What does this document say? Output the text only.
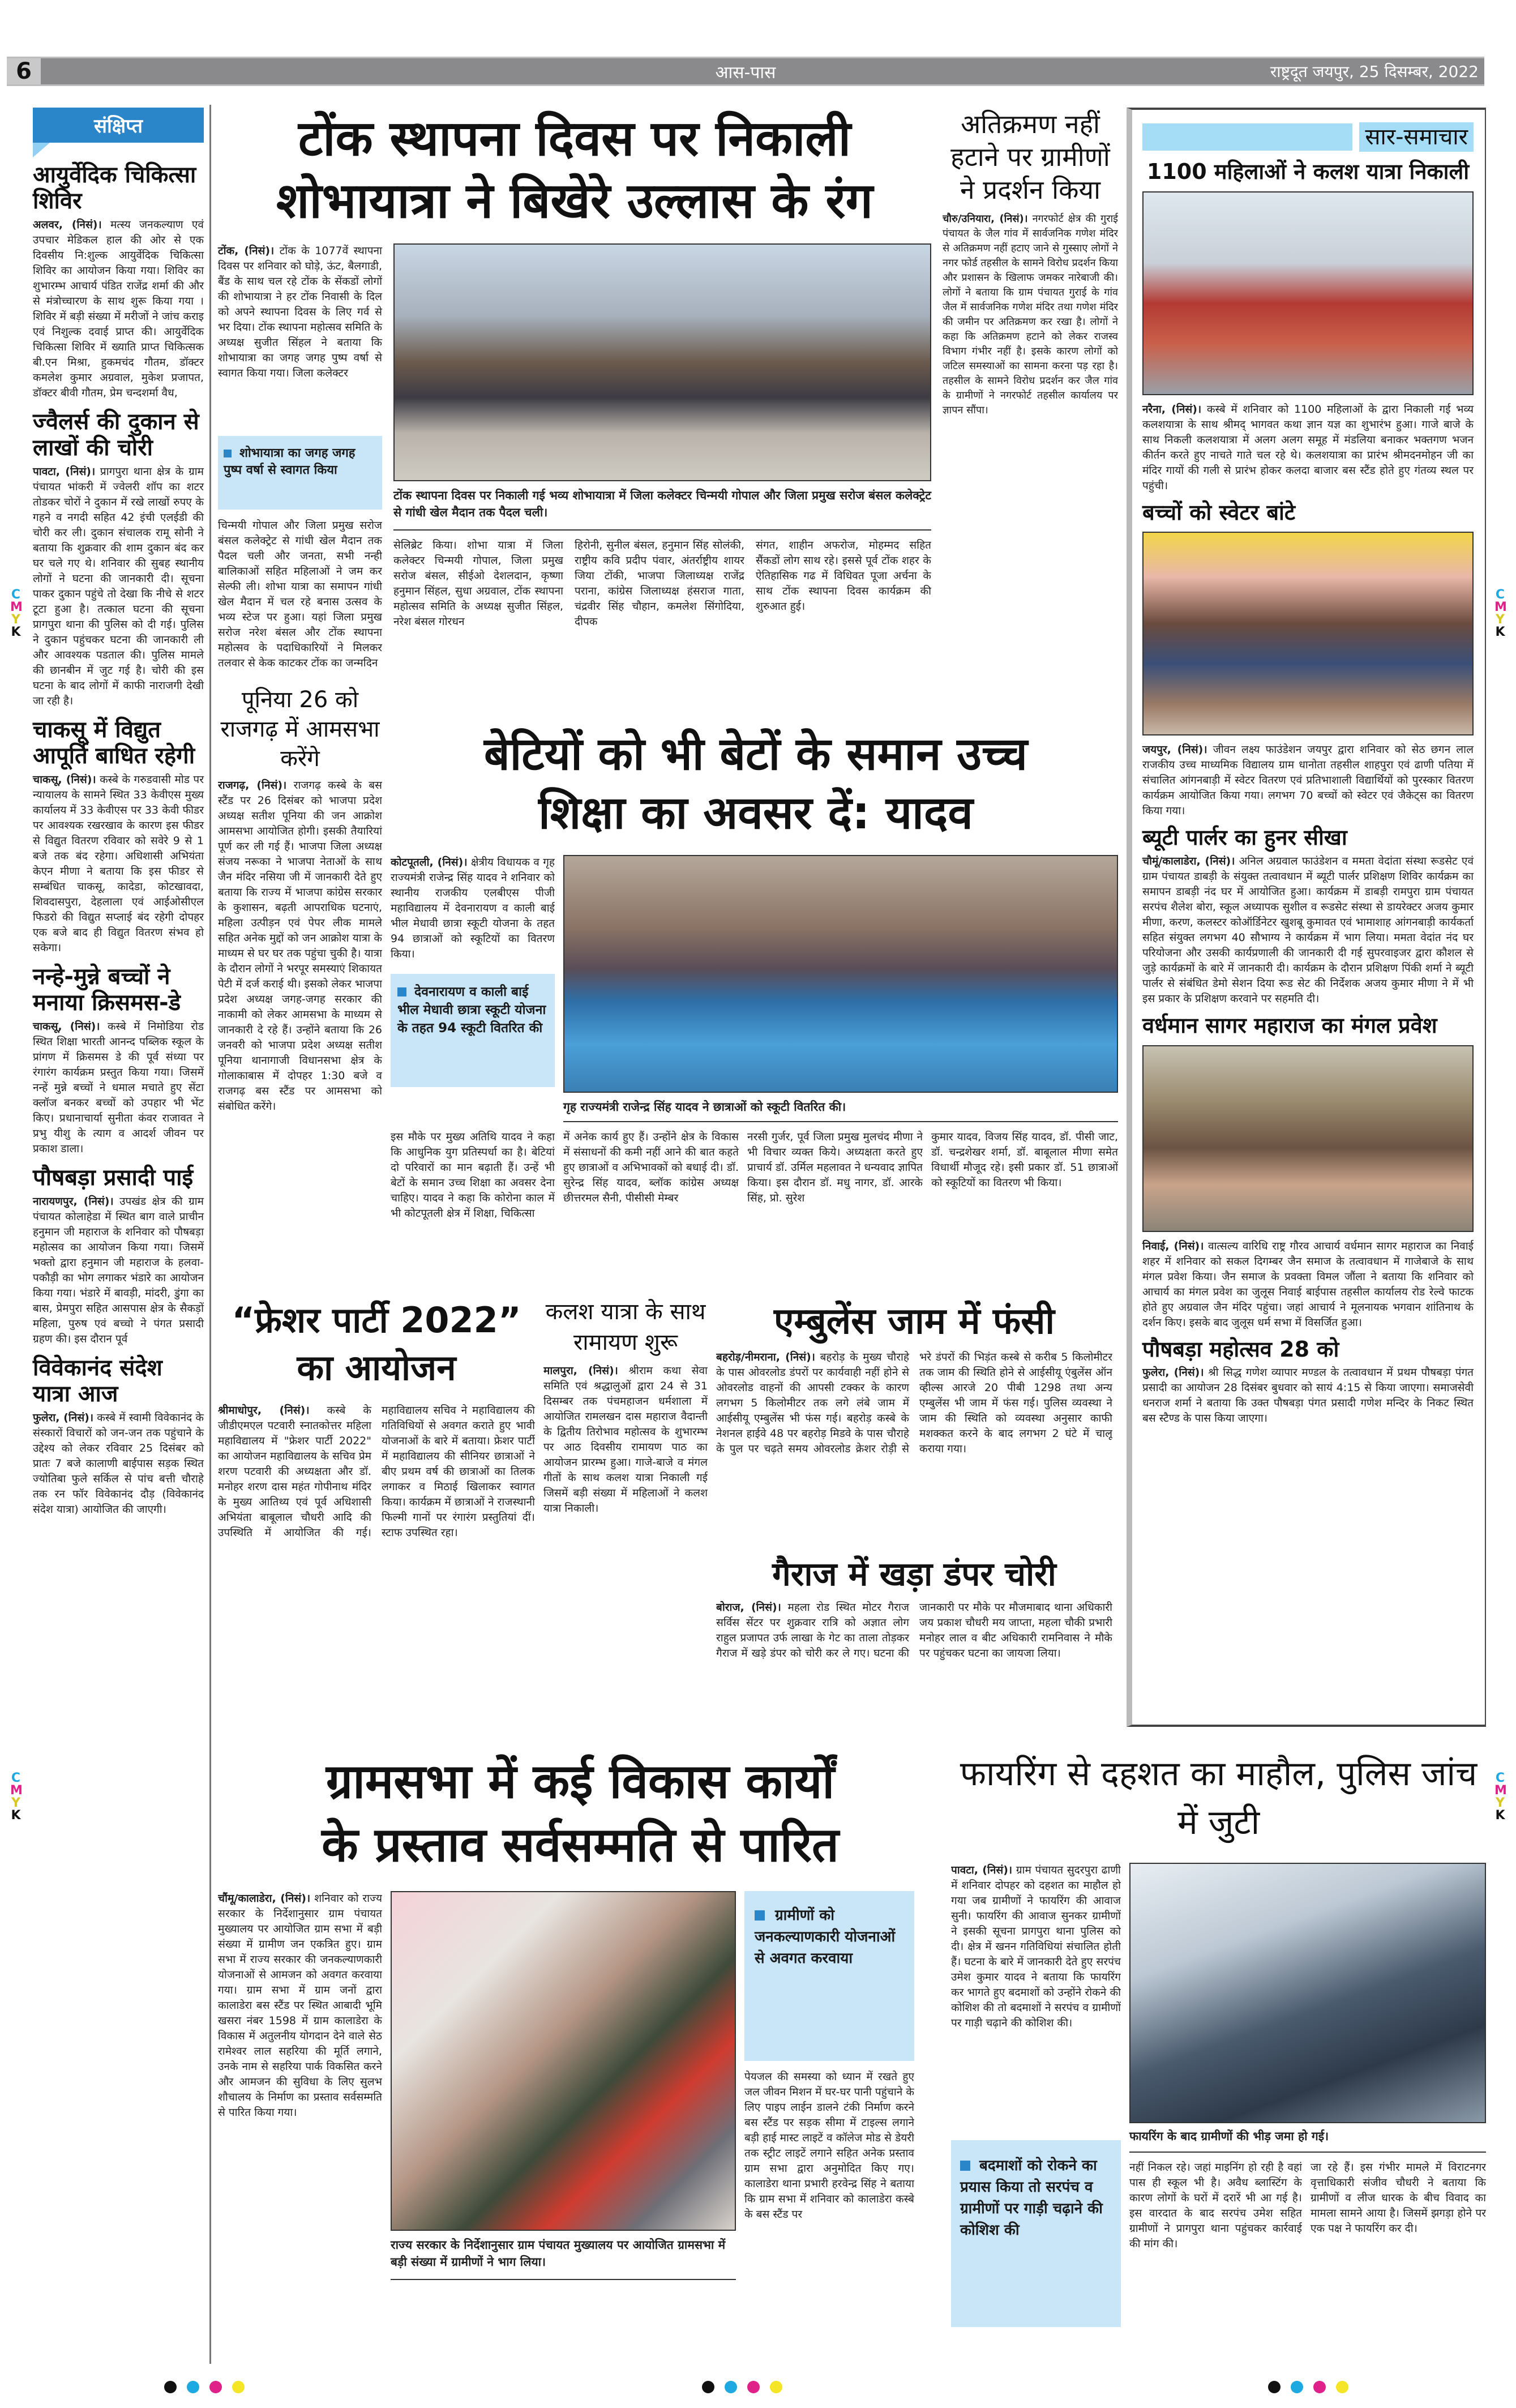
6	आस-पास	राष्ट्रदूत जयपुर, 25 दिसम्बर, 2022
C
M
Y
K
C
M
Y
K
C
M
Y
K
C
M
Y
K
संक्षिप्त
आयुर्वेदिक चिकित्सा शिविर
अलवर, (निसं)। मत्स्य जनकल्याण एवं उपचार मेडिकल हाल की ओर से एक दिवसीय नि:शुल्क आयुर्वेदिक चिकित्सा शिविर का आयोजन किया गया। शिविर का शुभारम्भ आचार्य पंडित राजेंद्र शर्मा की और से मंत्रोच्चारण के साथ शुरू किया गया । शिविर में बड़ी संख्या में मरीजों ने जांच कराइ एवं निशुल्क दवाई प्राप्त की। आयुर्वेदिक चिकित्सा शिविर में ख्याति प्राप्त चिकित्सक बी.एन मिश्रा, हुकमचंद गौतम, डॉक्टर कमलेश कुमार अग्रवाल, मुकेश प्रजापत, डॉक्टर बीवी गौतम, प्रेम चन्दशर्मा वैध,
ज्वैलर्स की दुकान से लाखों की चोरी
पावटा, (निसं)। प्रागपुरा थाना क्षेत्र के ग्राम पंचायत भांकरी में ज्वेलरी शॉप का शटर तोडकर चोरों ने दुकान में रखे लाखों रुपए के गहने व नगदी सहित 42 इंची एलईडी की चोरी कर ली। दुकान संचालक रामू सोनी ने बताया कि शुक्रवार की शाम दुकान बंद कर घर चले गए थे। शनिवार की सुबह स्थानीय लोगों ने घटना की जानकारी दी। सूचना पाकर दुकान पहुंचे तो देखा कि नीचे से शटर टूटा हुआ है। तत्काल घटना की सूचना प्रागपुरा थाना की पुलिस को दी गई। पुलिस ने दुकान पहुंचकर घटना की जानकारी ली और आवश्यक पडताल की। पुलिस मामले की छानबीन में जुट गई है। चोरी की इस घटना के बाद लोगों में काफी नाराजगी देखी जा रही है।
चाकसू में विद्युत आपूर्ति बाधित रहेगी
चाकसू, (निसं)। कस्बे के गरुडवासी मोड पर न्यायालय के सामने स्थित 33 केवीएस मुख्य कार्यालय में 33 केवीएस पर 33 केवी फीडर पर आवश्यक रखरखाव के कारण इस फीडर से विद्युत वितरण रविवार को सवेरे 9 से 1 बजे तक बंद रहेगा। अधिशासी अभियंता केएन मीणा ने बताया कि इस फीडर से सम्बंधित चाकसू, कादेडा, कोटखावदा, शिवदासपुरा, देहलाला एवं आईओसीएल फिडरो की विद्युत सप्लाई बंद रहेगी दोपहर एक बजे बाद ही विद्युत वितरण संभव हो सकेगा।
नन्हे-मुन्ने बच्चों ने मनाया क्रिसमस-डे
चाकसू, (निसं)। कस्बे में निमोडिया रोड स्थित शिक्षा भारती आनन्द पब्लिक स्कूल के प्रांगण में क्रिसमस डे की पूर्व संध्या पर रंगारंग कार्यक्रम प्रस्तुत किया गया। जिसमें नन्हें मुन्ने बच्चों ने धमाल मचाते हुए सेंटा क्लॉज बनकर बच्चों को उपहार भी भेंट किए। प्रधानाचार्या सुनीता कंवर राजावत ने प्रभु यीशु के त्याग व आदर्श जीवन पर प्रकाश डाला।
पौषबड़ा प्रसादी पाई
नारायणपुर, (निसं)। उपखंड क्षेत्र की ग्राम पंचायत कोलाहेडा में स्थित बाग वाले प्राचीन हनुमान जी महाराज के शनिवार को पौषबड़ा महोत्सव का आयोजन किया गया। जिसमें भक्तो द्वारा हनुमान जी महाराज के हलवा-पकौड़ी का भोग लगाकर भंडारे का आयोजन किया गया। भंडारे में बावड़ी, मांदरी, डुंगा का बास, प्रेमपुरा सहित आसपास क्षेत्र के सैकड़ों महिला, पुरुष एवं बच्चो ने पंगत प्रसादी ग्रहण की। इस दौरान पूर्व
विवेकानंद संदेश यात्रा आज
फुलेरा, (निसं)। कस्बे में स्वामी विवेकानंद के संस्कारों विचारों को जन-जन तक पहुंचाने के उद्देश्य को लेकर रविवार 25 दिसंबर को प्रातः 7 बजे कालाणी बाईपास सड़क स्थित ज्योतिबा फुले सर्किल से पांच बत्ती चौराहे तक रन फॉर विवेकानंद दौड़ (विवेकानंद संदेश यात्रा) आयोजित की जाएगी।
टोंक स्थापना दिवस पर निकाली
शोभायात्रा ने बिखेरे उल्लास के रंग
टोंक, (निसं)। टोंक के 1077वें स्थापना दिवस पर शनिवार को घोड़े, ऊंट, बैलगाडी, बैंड के साथ चल रहे टोंक के सेंकडों लोगों की शोभायात्रा ने हर टोंक निवासी के दिल को अपने स्थापना दिवस के लिए गर्व से भर दिया। टोंक स्थापना महोत्सव समिति के अध्यक्ष सुजीत सिंहल ने बताया कि शोभायात्रा का जगह जगह पुष्प वर्षा से स्वागत किया गया। जिला कलेक्टर
शोभायात्रा का जगह जगह पुष्प वर्षा से स्वागत किया
चिन्मयी गोपाल और जिला प्रमुख सरोज बंसल कलेक्ट्रेट से गांधी खेल मैदान तक पैदल चली और जनता, सभी नन्ही बालिकाओं सहित महिलाओं ने जम कर सेल्फी ली। शोभा यात्रा का समापन गांधी खेल मैदान में चल रहे बनास उत्सव के भव्य स्टेज पर हुआ। यहां जिला प्रमुख सरोज नरेश बंसल और टोंक स्थापना महोत्सव के पदाधिकारियों ने मिलकर तलवार से केक काटकर टोंक का जन्मदिन
टोंक स्थापना दिवस पर निकाली गई भव्य शोभायात्रा में जिला कलेक्टर चिन्मयी गोपाल और जिला प्रमुख सरोज बंसल कलेक्ट्रेट से गांधी खेल मैदान तक पैदल चली।
सेलिब्रेट किया। शोभा यात्रा में जिला कलेक्टर चिन्मयी गोपाल, जिला प्रमुख सरोज बंसल, सीईओ देशलदान, कृष्णा हनुमान सिंहल, सुधा अग्रवाल, टोंक स्थापना महोत्सव समिति के अध्यक्ष सुजीत सिंहल, नरेश बंसल गोरधन
हिरोनी, सुनील बंसल, हनुमान सिंह सोलंकी, राष्ट्रीय कवि प्रदीप पंवार, अंतर्राष्ट्रीय शायर जिया टोंकी, भाजपा जिलाध्यक्ष राजेंद्र पराना, कांग्रेस जिलाध्यक्ष हंसराज गाता, चंद्रवीर सिंह चौहान, कमलेश सिंगोदिया, दीपक
संगत, शाहीन अफरोज, मोहम्मद सहित सैंकडों लोग साथ रहे। इससे पूर्व टोंक शहर के ऐतिहासिक गढ में विधिवत पूजा अर्चना के साथ टोंक स्थापना दिवस कार्यक्रम की शुरुआत हुई।
अतिक्रमण नहीं हटाने पर ग्रामीणों ने प्रदर्शन किया
चौरु/उनियारा, (निसं)। नगरफोर्ट क्षेत्र की गुराई पंचायत के जैल गांव में सार्वजनिक गणेश मंदिर से अतिक्रमण नहीं हटाए जाने से गुस्साए लोगों ने नगर फोर्ड तहसील के सामने विरोध प्रदर्शन किया और प्रशासन के खिलाफ जमकर नारेबाजी की। लोगों ने बताया कि ग्राम पंचायत गुराई के गांव जैल में सार्वजनिक गणेश मंदिर तथा गणेश मंदिर की जमीन पर अतिक्रमण कर रखा है। लोगों ने कहा कि अतिक्रमण हटाने को लेकर राजस्व विभाग गंभीर नहीं है। इसके कारण लोगों को जटिल समस्याओं का सामना करना पड़ रहा है। तहसील के सामने विरोध प्रदर्शन कर जैल गांव के ग्रामीणों ने नगरफोर्ट तहसील कार्यालय पर ज्ञापन सौंपा।
पूनिया 26 को राजगढ़ में आमसभा करेंगे
राजगढ़, (निसं)। राजगढ़ कस्बे के बस स्टैंड पर 26 दिसंबर को भाजपा प्रदेश अध्यक्ष सतीश पूनिया की जन आक्रोश आमसभा आयोजित होगी। इसकी तैयारियां पूर्ण कर ली गई हैं। भाजपा जिला अध्यक्ष संजय नरूका ने भाजपा नेताओं के साथ जैन मंदिर नसिया जी में जानकारी देते हुए बताया कि राज्य में भाजपा कांग्रेस सरकार के कुशासन, बढ़ती आपराधिक घटनाएं, महिला उत्पीड़न एवं पेपर लीक मामले सहित अनेक मुद्दों को जन आक्रोश यात्रा के माध्यम से घर घर तक पहुंचा चुकी है। यात्रा के दौरान लोगों ने भरपूर समस्याएं शिकायत पेटी में दर्ज कराई थी। इसको लेकर भाजपा प्रदेश अध्यक्ष जगह-जगह सरकार की नाकामी को लेकर आमसभा के माध्यम से जानकारी दे रहे हैं। उन्होंने बताया कि 26 जनवरी को भाजपा प्रदेश अध्यक्ष सतीश पूनिया थानागाजी विधानसभा क्षेत्र के गोलाकाबास में दोपहर 1:30 बजे व राजगढ़ बस स्टैंड पर आमसभा को संबोधित करेंगे।
बेटियों को भी बेटों के समान उच्च
शिक्षा का अवसर दें: यादव
कोटपूतली, (निसं)। क्षेत्रीय विधायक व गृह राज्यमंत्री राजेन्द्र सिंह यादव ने शनिवार को स्थानीय राजकीय एलबीएस पीजी महाविद्यालय में देवनारायण व काली बाई भील मेधावी छात्रा स्कूटी योजना के तहत 94 छात्राओं को स्कूटियों का वितरण किया।
देवनारायण व काली बाई भील मेधावी छात्रा स्कूटी योजना के तहत 94 स्कूटी वितरित की
गृह राज्यमंत्री राजेन्द्र सिंह यादव ने छात्राओं को स्कूटी वितरित की।
इस मौके पर मुख्य अतिथि यादव ने कहा कि आधुनिक युग प्रतिस्पर्धा का है। बेटियां दो परिवारों का मान बढ़ाती हैं। उन्हें भी बेटों के समान उच्च शिक्षा का अवसर देना चाहिए। यादव ने कहा कि कोरोना काल में भी कोटपूतली क्षेत्र में शिक्षा, चिकित्सा
में अनेक कार्य हुए हैं। उन्होंने क्षेत्र के विकास में संसाधनों की कमी नहीं आने की बात कहते हुए छात्राओं व अभिभावकों को बधाई दी। डॉ. सुरेन्द्र सिंह यादव, ब्लॉक कांग्रेस अध्यक्ष छीत्तरमल सैनी, पीसीसी मेम्बर
नरसी गुर्जर, पूर्व जिला प्रमुख मुलचंद मीणा ने भी विचार व्यक्त किये। अध्यक्षता करते हुए प्राचार्य डॉ. उर्मिल महलावत ने धन्यवाद ज्ञापित किया। इस दौरान डॉ. मधु नागर, डॉ. आरके सिंह, प्रो. सुरेश
कुमार यादव, विजय सिंह यादव, डॉ. पीसी जाट, डॉ. चन्द्रशेखर शर्मा, डॉ. बाबूलाल मीणा समेत विधार्थी मौजूद रहे। इसी प्रकार डॉ. 51 छात्राओं को स्कूटियों का वितरण भी किया।
“फ्रेशर पार्टी 2022” का आयोजन
श्रीमाधोपुर, (निसं)। कस्बे के जीडीएमएल पटवारी स्नातकोत्तर महिला महाविद्यालय में "फ्रेशर पार्टी 2022" का आयोजन महाविद्यालय के सचिव प्रेम शरण पटवारी की अध्यक्षता और डॉ. मनोहर शरण दास महंत गोपीनाथ मंदिर के मुख्य आतिथ्य एवं पूर्व अधिशासी अभियंता बाबूलाल चौधरी आदि की उपस्थिति में आयोजित की गई। महाविद्यालय सचिव ने महाविद्यालय की गतिविधियों से अवगत कराते हुए भावी योजनाओं के बारे में बताया। फ्रेशर पार्टी में महाविद्यालय की सीनियर छात्राओं ने बीए प्रथम वर्ष की छात्राओं का तिलक लगाकर व मिठाई खिलाकर स्वागत किया। कार्यक्रम में छात्राओं ने राजस्थानी फिल्मी गानों पर रंगारंग प्रस्तुतियां दीं। स्टाफ उपस्थित रहा।
कलश यात्रा के साथ रामायण शुरू
मालपुरा, (निसं)। श्रीराम कथा सेवा समिति एवं श्रद्धालुओं द्वारा 24 से 31 दिसम्बर तक पंचमहाजन धर्मशाला में आयोजित रामलखन दास महाराज वैदान्ती के द्वितीय तिरोभाव महोत्सव के शुभारम्भ पर आठ दिवसीय रामायण पाठ का आयोजन प्रारम्भ हुआ। गाजे-बाजे व मंगल गीतों के साथ कलश यात्रा निकाली गई जिसमें बड़ी संख्या में महिलाओं ने कलश यात्रा निकाली।
एम्बुलेंस जाम में फंसी
बहरोड़/नीमराना, (निसं)। बहरोड़ के मुख्य चौराहे के पास ओवरलोड डंपरों पर कार्यवाही नहीं होने से ओवरलोड वाहनों की आपसी टक्कर के कारण लगभग 5 किलोमीटर तक लगे लंबे जाम में आईसीयू एम्बुलेंस भी फंस गई। बहरोड़ कस्बे के नेशनल हाईवे 48 पर बहरोड़ मिडवे के पास चौराहे के पुल पर चढ़ते समय ओवरलोड क्रेशर रोड़ी से भरे डंपरों की भिड़ंत कस्बे से करीब 5 किलोमीटर तक जाम की स्थिति होने से आईसीयू एंबुलेंस ऑन व्हील्स आरजे 20 पीबी 1298 तथा अन्य एम्बुलेंस भी जाम में फंस गई। पुलिस व्यवस्था ने जाम की स्थिति को व्यवस्था अनुसार काफी मशक्कत करने के बाद लगभग 2 घंटे में चालू कराया गया।
गैराज में खड़ा डंपर चोरी
बोराज, (निसं)। महला रोड स्थित मोटर गैराज सर्विस सेंटर पर शुक्रवार रात्रि को अज्ञात लोग राहुल प्रजापत उर्फ लाखा के गेट का ताला तोड़कर गैराज में खड़े डंपर को चोरी कर ले गए। घटना की जानकारी पर मौके पर मौजमाबाद थाना अधिकारी जय प्रकाश चौधरी मय जाप्ता, महला चौकी प्रभारी मनोहर लाल व बीट अधिकारी रामनिवास ने मौके पर पहुंचकर घटना का जायजा लिया।
सार-समाचार
1100 महिलाओं ने कलश यात्रा निकाली
नरैना, (निसं)। कस्बे में शनिवार को 1100 महिलाओं के द्वारा निकाली गई भव्य कलशयात्रा के साथ श्रीमद् भागवत कथा ज्ञान यज्ञ का शुभारंभ हुआ। गाजे बाजे के साथ निकली कलशयात्रा में अलग अलग समूह में मंडलिया बनाकर भक्तगण भजन कीर्तन करते हुए नाचते गाते चल रहे थे। कलशयात्रा का प्रारंभ श्रीमदनमोहन जी का मंदिर गायों की गली से प्रारंभ होकर कलदा बाजार बस स्टैंड होते हुए गंतव्य स्थल पर पहुंची।
बच्चों को स्वेटर बांटे
जयपुर, (निसं)। जीवन लक्ष्य फाउंडेशन जयपुर द्वारा शनिवार को सेठ छगन लाल राजकीय उच्च माध्यमिक विद्यालय ग्राम धानोता तहसील शाहपुरा एवं ढाणी पतिया में संचालित आंगनबाड़ी में स्वेटर वितरण एवं प्रतिभाशाली विद्यार्थियों को पुरस्कार वितरण कार्यक्रम आयोजित किया गया। लगभग 70 बच्चों को स्वेटर एवं जैकेट्स का वितरण किया गया।
ब्यूटी पार्लर का हुनर सीखा
चौमूं/कालाडेरा, (निसं)। अनिल अग्रवाल फाउंडेशन व ममता वेदांता संस्था रूडसेट एवं ग्राम पंचायत डाबड़ी के संयुक्त तत्वावधान में ब्यूटी पार्लर प्रशिक्षण शिविर कार्यक्रम का समापन डाबड़ी नंद घर में आयोजित हुआ। कार्यक्रम में डाबड़ी रामपुरा ग्राम पंचायत सरपंच शैलेश बोरा, स्कूल अध्यापक सुशील व रूडसेट संस्था से डायरेक्टर अजय कुमार मीणा, करण, कलस्टर कोऑर्डिनेटर खुशबू कुमावत एवं भामाशाह आंगनबाड़ी कार्यकर्ता सहित संयुक्त लगभग 40 सौभाग्य ने कार्यक्रम में भाग लिया। ममता वेदांत नंद घर परियोजना और उसकी कार्यप्रणाली की जानकारी दी गई सुपरवाइजर द्वारा कौशल से जुड़े कार्यक्रमों के बारे में जानकारी दी। कार्यक्रम के दौरान प्रशिक्षण पिंकी शर्मा ने ब्यूटी पार्लर से संबंधित डेमो सेशन दिया रूड सेट की निर्देशक अजय कुमार मीणा ने में भी इस प्रकार के प्रशिक्षण करवाने पर सहमति दी।
वर्धमान सागर महाराज का मंगल प्रवेश
निवाई, (निसं)। वात्सल्य वारिधि राष्ट्र गौरव आचार्य वर्धमान सागर महाराज का निवाई शहर में शनिवार को सकल दिगम्बर जैन समाज के तत्वावधान में गाजेबाजे के साथ मंगल प्रवेश किया। जैन समाज के प्रवक्ता विमल जौंला ने बताया कि शनिवार को आचार्य का मंगल प्रवेश का जुलूस निवाई बाईपास तहसील कार्यालय रोड रेल्वे फाटक होते हुए अग्रवाल जैन मंदिर पहुंचा। जहां आचार्य ने मूलनायक भगवान शांतिनाथ के दर्शन किए। इसके बाद जुलूस धर्म सभा में विसर्जित हुआ।
पौषबड़ा महोत्सव 28 को
फुलेरा, (निसं)। श्री सिद्ध गणेश व्यापार मण्डल के तत्वावधान में प्रथम पौषबड़ा पंगत प्रसादी का आयोजन 28 दिसंबर बुधवार को सायं 4:15 से किया जाएगा। समाजसेवी धनराज शर्मा ने बताया कि उक्त पौषबड़ा पंगत प्रसादी गणेश मन्दिर के निकट स्थित बस स्टैण्ड के पास किया जाएगा।
ग्रामसभा में कई विकास कार्यों
के प्रस्ताव सर्वसम्मति से पारित
चौंमू/कालाडेरा, (निसं)। शनिवार को राज्य सरकार के निर्देशानुसार ग्राम पंचायत मुख्यालय पर आयोजित ग्राम सभा में बड़ी संख्या में ग्रामीण जन एकत्रित हुए। ग्राम सभा में राज्य सरकार की जनकल्याणकारी योजनाओं से आमजन को अवगत करवाया गया। ग्राम सभा में ग्राम जनों द्वारा कालाडेरा बस स्टैंड पर स्थित आबादी भूमि खसरा नंबर 1598 में ग्राम कालाडेरा के विकास में अतुलनीय योगदान देने वाले सेठ रामेश्वर लाल सहरिया की मूर्ति लगाने, उनके नाम से सहरिया पार्क विकसित करने और आमजन की सुविधा के लिए सुलभ शौचालय के निर्माण का प्रस्ताव सर्वसम्मति से पारित किया गया।
राज्य सरकार के निर्देशानुसार ग्राम पंचायत मुख्यालय पर आयोजित ग्रामसभा में बड़ी संख्या में ग्रामीणों ने भाग लिया।
ग्रामीणों को जनकल्याणकारी योजनाओं से अवगत करवाया
पेयजल की समस्या को ध्यान में रखते हुए जल जीवन मिशन में घर-घर पानी पहुंचाने के लिए पाइप लाईन डालने टंकी निर्माण करने बस स्टैंड पर सड़क सीमा में टाइल्स लगाने बड़ी हाई मास्ट लाइटें व कॉलेज मोड से डेयरी तक स्ट्रीट लाइटें लगाने सहित अनेक प्रस्ताव ग्राम सभा द्वारा अनुमोदित किए गए। कालाडेरा थाना प्रभारी हरवेन्द्र सिंह ने बताया कि ग्राम सभा में शनिवार को कालाडेरा कस्बे के बस स्टैंड पर
फायरिंग से दहशत का माहौल, पुलिस जांच में जुटी
पावटा, (निसं)। ग्राम पंचायत सुदरपुरा ढाणी में शनिवार दोपहर को दहशत का माहौल हो गया जब ग्रामीणों ने फायरिंग की आवाज सुनी। फायरिंग की आवाज सुनकर ग्रामीणों ने इसकी सूचना प्रागपुरा थाना पुलिस को दी। क्षेत्र में खनन गतिविधियां संचालित होती हैं। घटना के बारे में जानकारी देते हुए सरपंच उमेश कुमार यादव ने बताया कि फायरिंग कर भागते हुए बदमाशों को उन्होंने रोकने की कोशिश की तो बदमाशों ने सरपंच व ग्रामीणों पर गाड़ी चढ़ाने की कोशिश की।
बदमाशों को रोकने का प्रयास किया तो सरपंच व ग्रामीणों पर गाड़ी चढ़ाने की कोशिश की
फायरिंग के बाद ग्रामीणों की भीड़ जमा हो गई।
नहीं निकल रहे। जहां माइनिंग हो रही है वहां पास ही स्कूल भी है। अवैध ब्लास्टिंग के कारण लोगों के घरों में दरारें भी आ गई है। इस वारदात के बाद सरपंच उमेश सहित ग्रामीणों ने प्रागपुरा थाना पहुंचकर कार्रवाई की मांग की।
जा रहे हैं। इस गंभीर मामले में विराटनगर वृत्ताधिकारी संजीव चौधरी ने बताया कि ग्रामीणों व लीज धारक के बीच विवाद का मामला सामने आया है। जिसमें झगड़ा होने पर एक पक्ष ने फायरिंग कर दी।
